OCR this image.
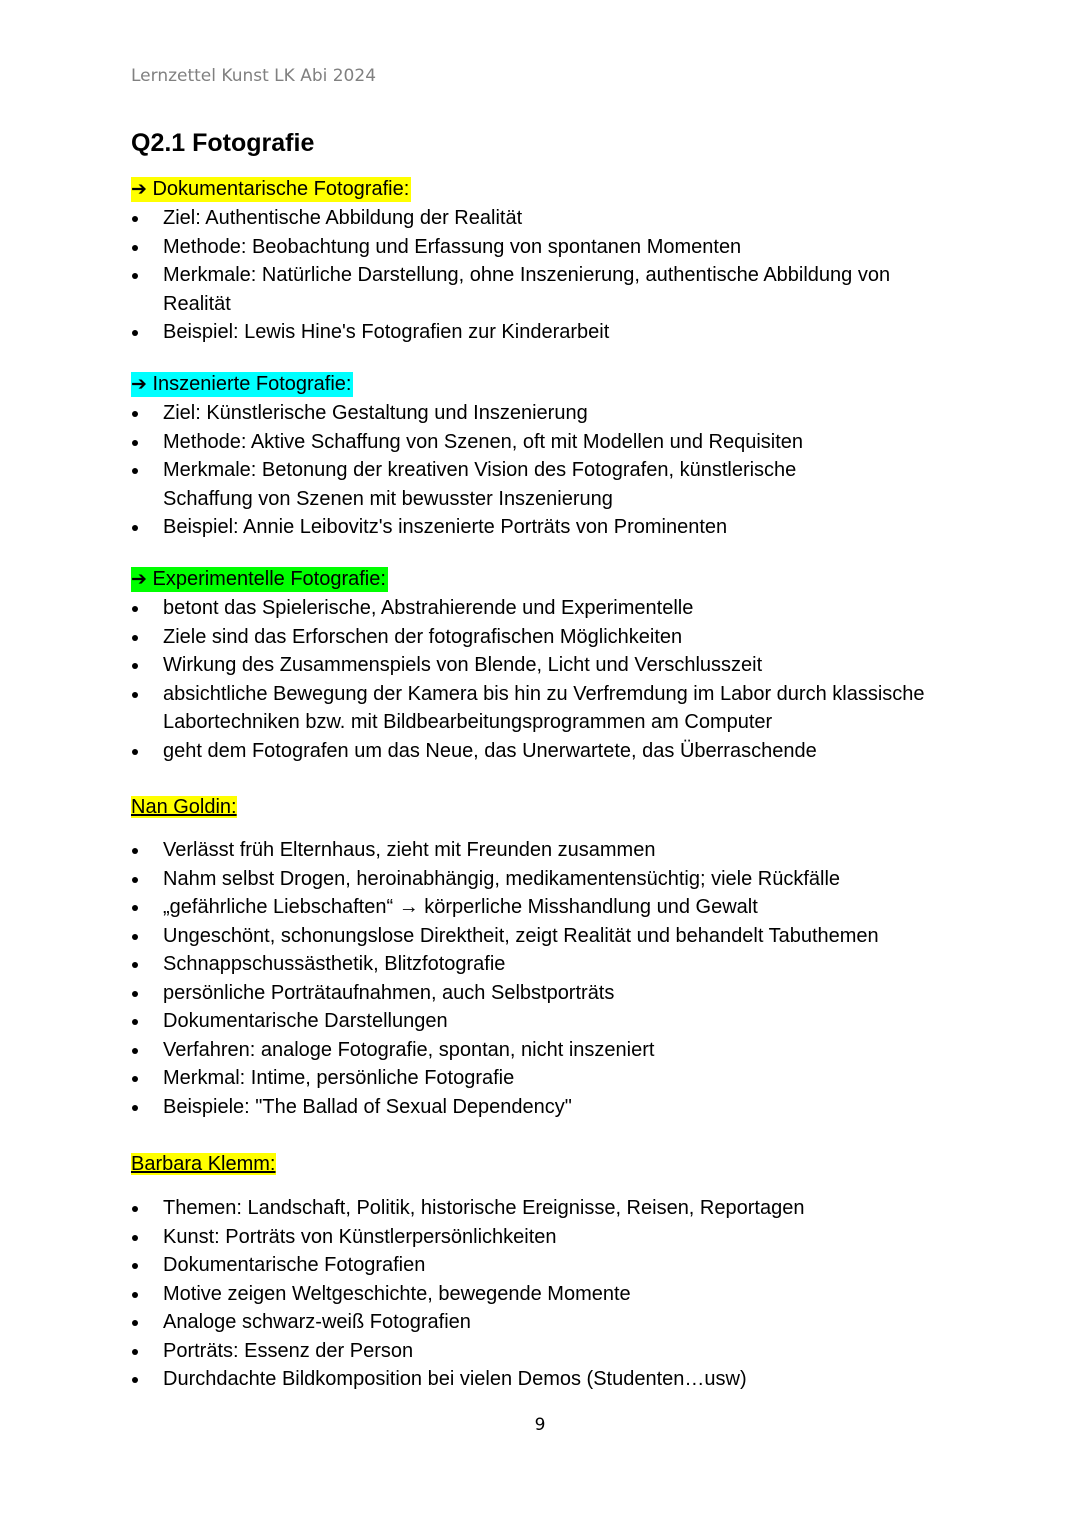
Lernzettel Kunst LK Abi 2024
Q2.1 Fotografie
➔ Dokumentarische Fotografie:
Ziel: Authentische Abbildung der Realität
Methode: Beobachtung und Erfassung von spontanen Momenten
Merkmale: Natürliche Darstellung, ohne Inszenierung, authentische Abbildung von Realität
Beispiel: Lewis Hine's Fotografien zur Kinderarbeit
➔ Inszenierte Fotografie:
Ziel: Künstlerische Gestaltung und Inszenierung
Methode: Aktive Schaffung von Szenen, oft mit Modellen und Requisiten
Merkmale: Betonung der kreativen Vision des Fotografen, künstlerische Schaffung von Szenen mit bewusster Inszenierung
Beispiel: Annie Leibovitz's inszenierte Porträts von Prominenten
➔ Experimentelle Fotografie:
betont das Spielerische, Abstrahierende und Experimentelle
Ziele sind das Erforschen der fotografischen Möglichkeiten
Wirkung des Zusammenspiels von Blende, Licht und Verschlusszeit
absichtliche Bewegung der Kamera bis hin zu Verfremdung im Labor durch klassische Labortechniken bzw. mit Bildbearbeitungsprogrammen am Computer
geht dem Fotografen um das Neue, das Unerwartete, das Überraschende
Nan Goldin:
Verlässt früh Elternhaus, zieht mit Freunden zusammen
Nahm selbst Drogen, heroinabhängig, medikamentensüchtig; viele Rückfälle
„gefährliche Liebschaften“ → körperliche Misshandlung und Gewalt
Ungeschönt, schonungslose Direktheit, zeigt Realität und behandelt Tabuthemen
Schnappschussästhetik, Blitzfotografie
persönliche Porträtaufnahmen, auch Selbstporträts
Dokumentarische Darstellungen
Verfahren: analoge Fotografie, spontan, nicht inszeniert
Merkmal: Intime, persönliche Fotografie
Beispiele: "The Ballad of Sexual Dependency"
Barbara Klemm:
Themen: Landschaft, Politik, historische Ereignisse, Reisen, Reportagen
Kunst: Porträts von Künstlerpersönlichkeiten
Dokumentarische Fotografien
Motive zeigen Weltgeschichte, bewegende Momente
Analoge schwarz-weiß Fotografien
Porträts: Essenz der Person
Durchdachte Bildkomposition bei vielen Demos (Studenten…usw)
9
